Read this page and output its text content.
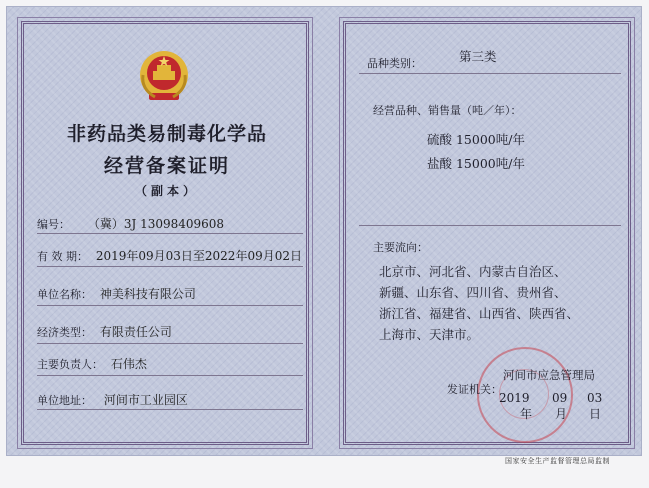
非药品类易制毒化学品
经营备案证明
（副本）
编号： （冀）3J 13098409608
有 效 期： 2019年09月03日至2022年09月02日
单位名称： 神美科技有限公司
经济类型： 有限责任公司
主要负责人： 石伟杰
单位地址： 河间市工业园区
品种类别：	第三类
经营品种、销售量（吨／年）：
硫酸 15000吨/年
盐酸 15000吨/年
主要流向：
北京市、河北省、内蒙古自治区、
新疆、山东省、四川省、贵州省、
浙江省、福建省、山西省、陕西省、
上海市、天津市。
河间市应急管理局
发证机关：
2019 09 03
年 月 日
国家安全生产监督管理总局监制
